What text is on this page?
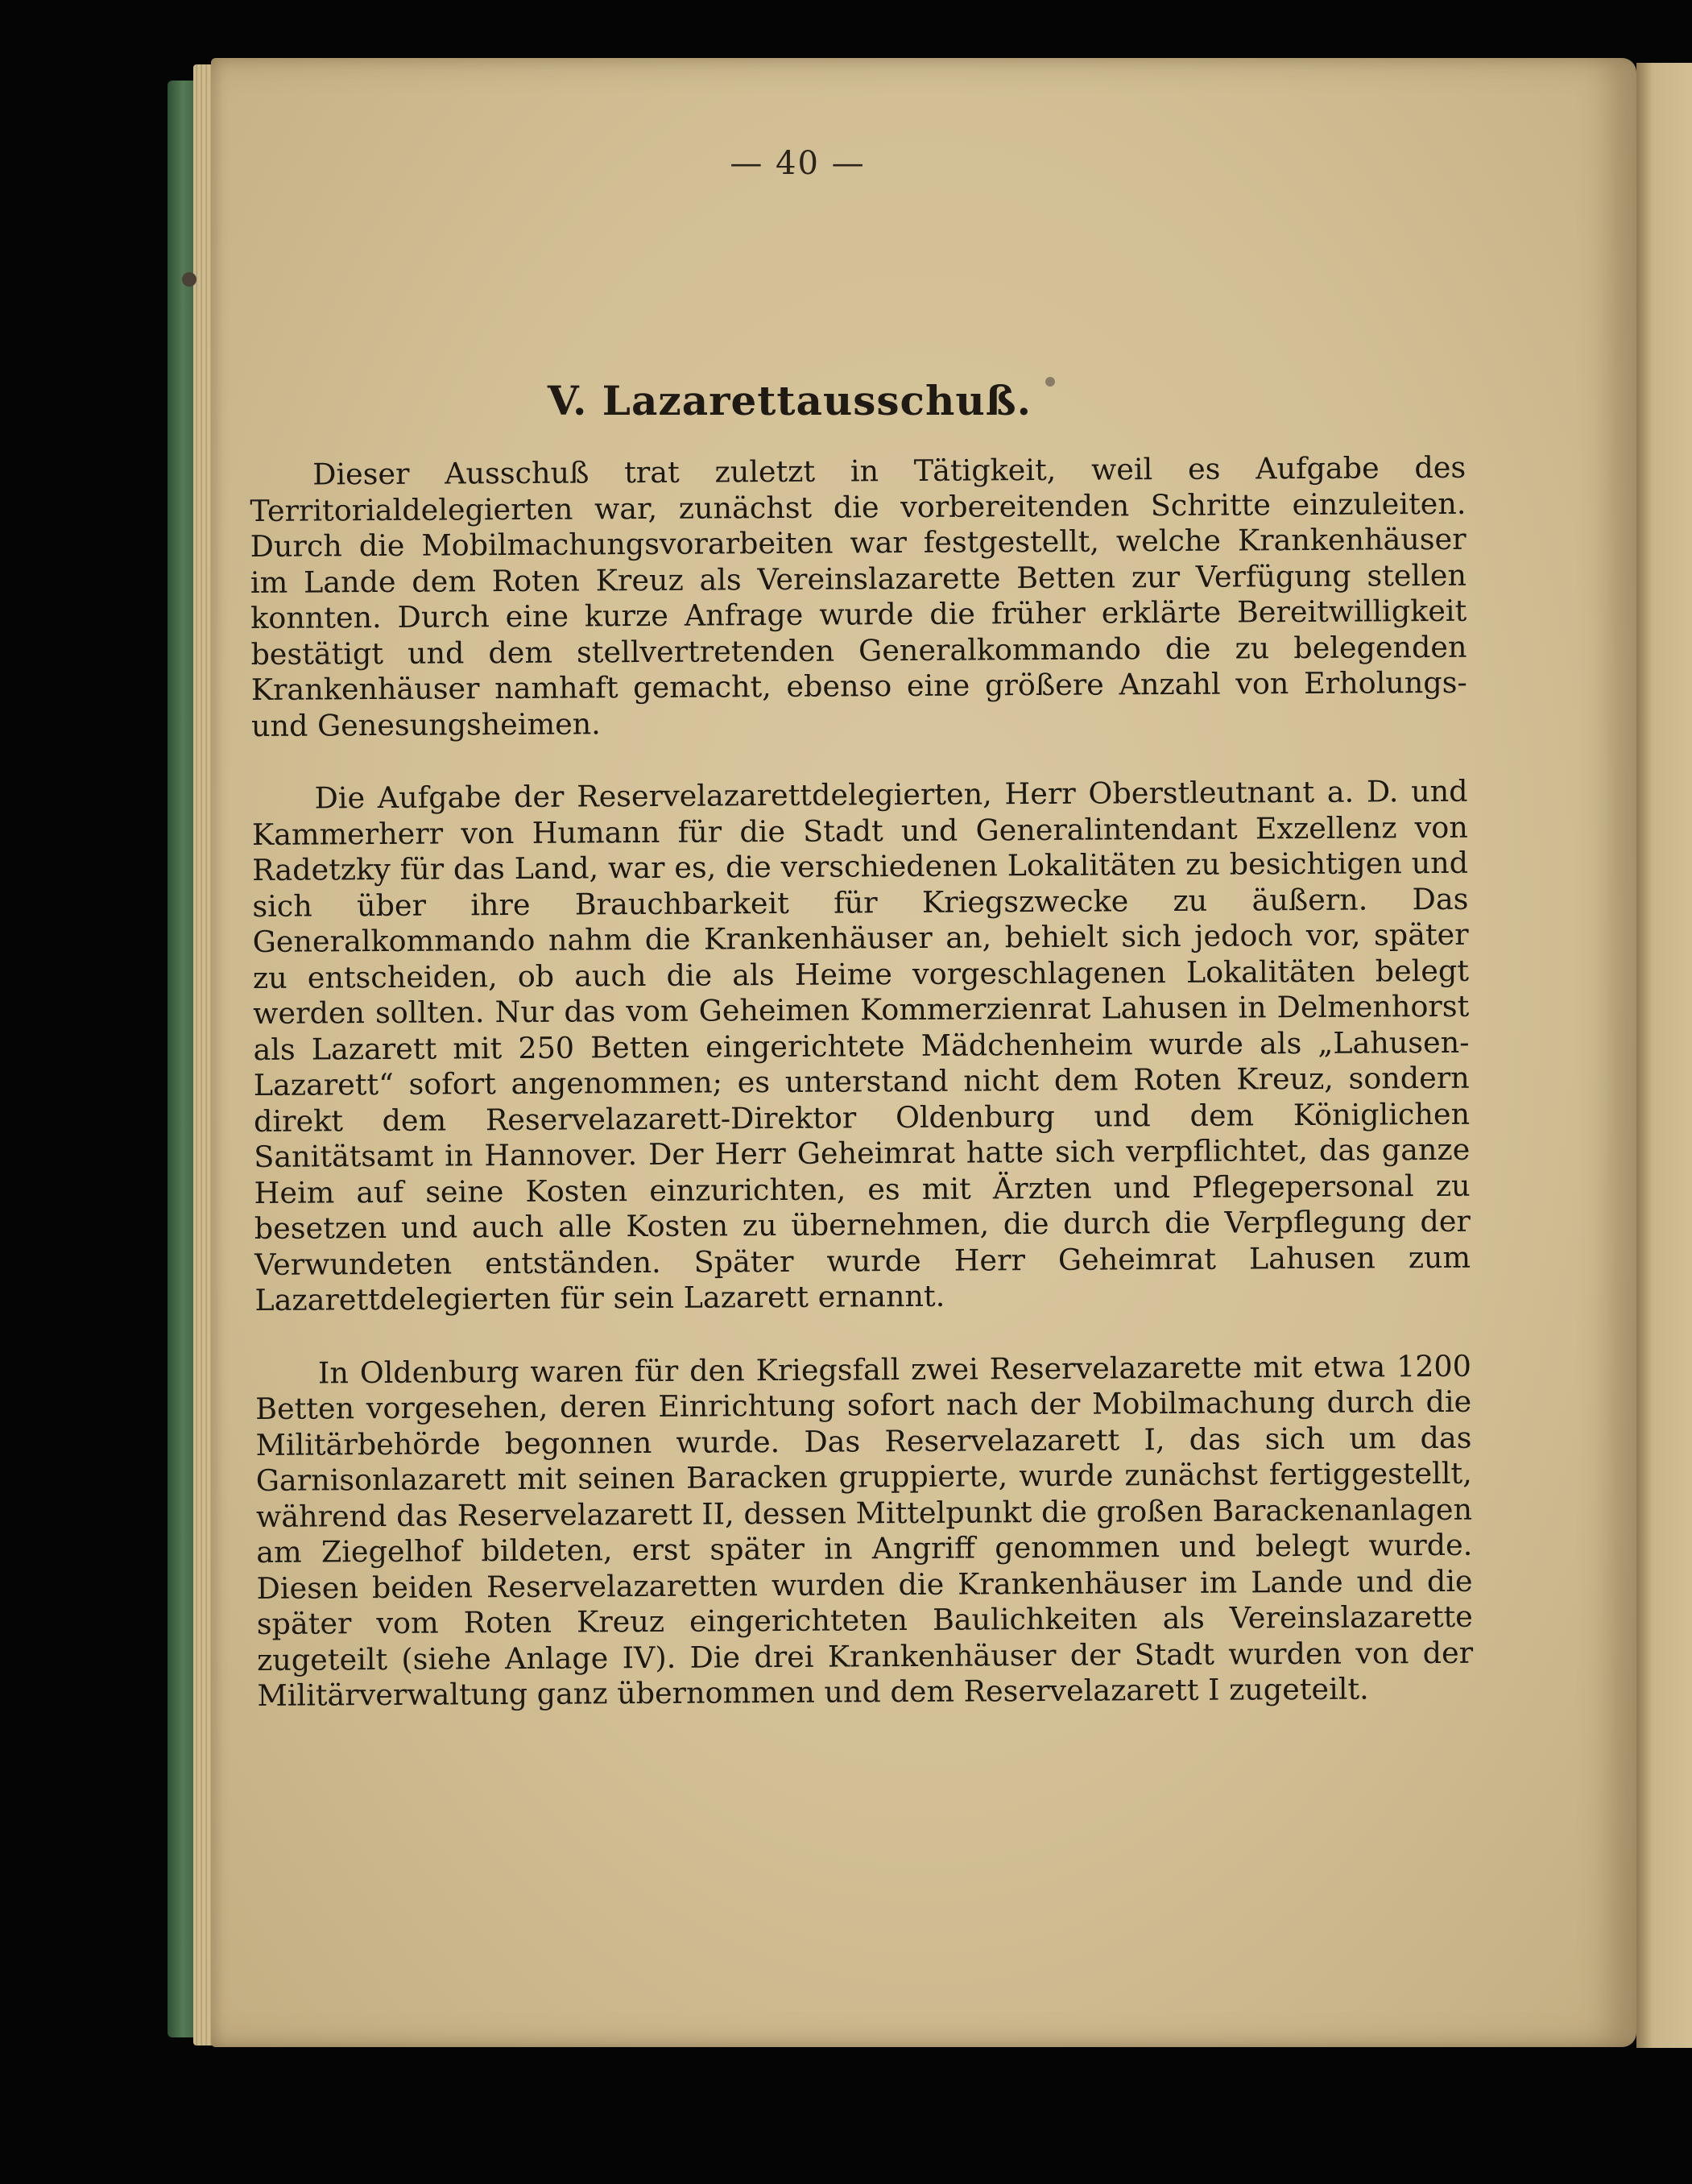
— 40 —
V. Lazarettausschuß.

Dieser Ausschuß trat zuletzt in Tätigkeit, weil es Aufgabe des Territorialdelegierten war, zunächst die vorbereitenden Schritte einzuleiten. Durch die Mobilmachungsvorarbeiten war festgestellt, welche Krankenhäuser im Lande dem Roten Kreuz als Vereinslazarette Betten zur Verfügung stellen konnten. Durch eine kurze Anfrage wurde die früher erklärte Bereitwilligkeit bestätigt und dem stellvertretenden Generalkommando die zu belegenden Krankenhäuser namhaft gemacht, ebenso eine größere Anzahl von Erholungs- und Genesungsheimen.

Die Aufgabe der Reservelazarettdelegierten, Herr Oberstleutnant a. D. und Kammerherr von Humann für die Stadt und Generalintendant Exzellenz von Radetzky für das Land, war es, die verschiedenen Lokalitäten zu besichtigen und sich über ihre Brauchbarkeit für Kriegszwecke zu äußern. Das Generalkommando nahm die Krankenhäuser an, behielt sich jedoch vor, später zu entscheiden, ob auch die als Heime vorgeschlagenen Lokalitäten belegt werden sollten. Nur das vom Geheimen Kommerzienrat Lahusen in Delmenhorst als Lazarett mit 250 Betten eingerichtete Mädchenheim wurde als „Lahusen-Lazarett“ sofort angenommen; es unterstand nicht dem Roten Kreuz, sondern direkt dem Reservelazarett-Direktor Oldenburg und dem Königlichen Sanitätsamt in Hannover. Der Herr Geheimrat hatte sich verpflichtet, das ganze Heim auf seine Kosten einzurichten, es mit Ärzten und Pflegepersonal zu besetzen und auch alle Kosten zu übernehmen, die durch die Verpflegung der Verwundeten entständen. Später wurde Herr Geheimrat Lahusen zum Lazarettdelegierten für sein Lazarett ernannt.

In Oldenburg waren für den Kriegsfall zwei Reservelazarette mit etwa 1200 Betten vorgesehen, deren Einrichtung sofort nach der Mobilmachung durch die Militärbehörde begonnen wurde. Das Reservelazarett I, das sich um das Garnisonlazarett mit seinen Baracken gruppierte, wurde zunächst fertiggestellt, während das Reservelazarett II, dessen Mittelpunkt die großen Barackenanlagen am Ziegelhof bildeten, erst später in Angriff genommen und belegt wurde. Diesen beiden Reservelazaretten wurden die Krankenhäuser im Lande und die später vom Roten Kreuz eingerichteten Baulichkeiten als Vereinslazarette zugeteilt (siehe Anlage IV). Die drei Krankenhäuser der Stadt wurden von der Militärverwaltung ganz übernommen und dem Reservelazarett I zugeteilt.
